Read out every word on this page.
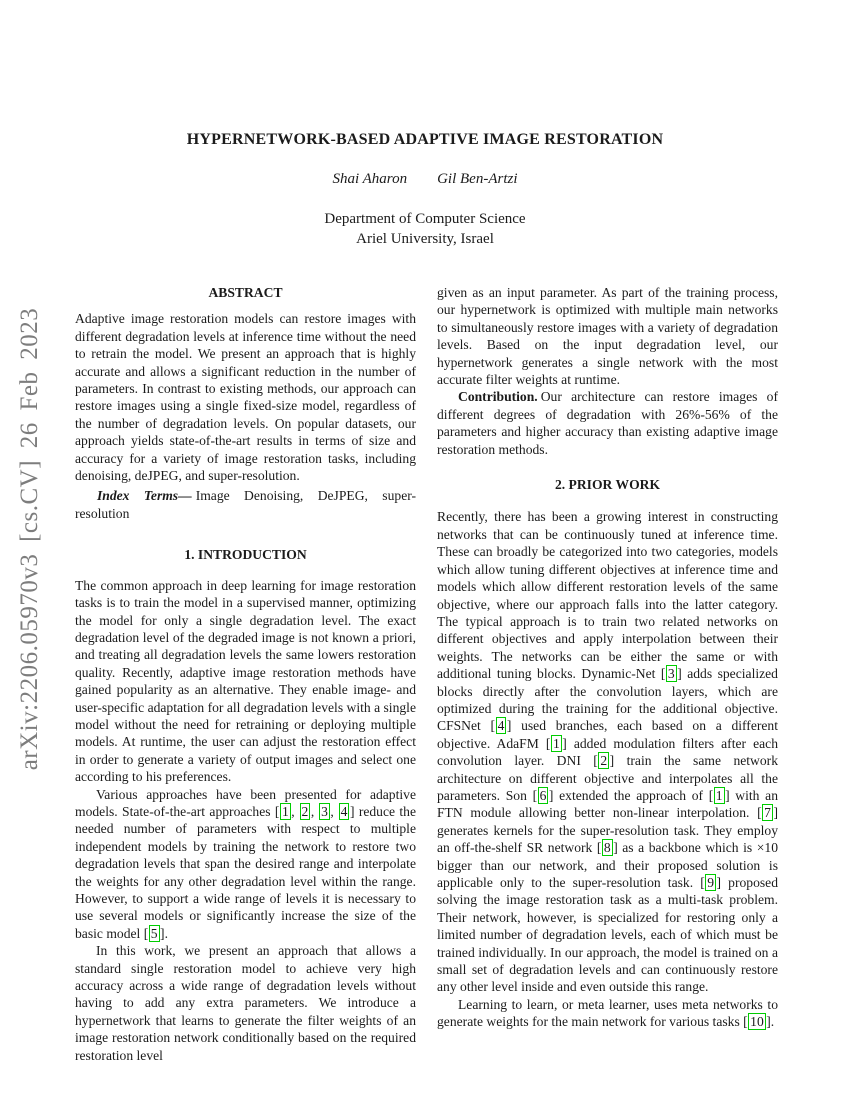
arXiv:2206.05970v3 [cs.CV] 26 Feb 2023
HYPERNETWORK-BASED ADAPTIVE IMAGE RESTORATION
Shai Aharon Gil Ben-Artzi
Department of Computer Science
Ariel University, Israel
ABSTRACT

Adaptive image restoration models can restore images with different degradation levels at inference time without the need to retrain the model. We present an approach that is highly accurate and allows a significant reduction in the number of parameters. In contrast to existing methods, our approach can restore images using a single fixed-size model, regardless of the number of degradation levels. On popular datasets, our approach yields state-of-the-art results in terms of size and accuracy for a variety of image restoration tasks, including denoising, deJPEG, and super-resolution.

Index Terms— Image Denoising, DeJPEG, super-resolution

1. INTRODUCTION

The common approach in deep learning for image restoration tasks is to train the model in a supervised manner, optimizing the model for only a single degradation level. The exact degradation level of the degraded image is not known a priori, and treating all degradation levels the same lowers restoration quality. Recently, adaptive image restoration methods have gained popularity as an alternative. They enable image- and user-specific adaptation for all degradation levels with a single model without the need for retraining or deploying multiple models. At runtime, the user can adjust the restoration effect in order to generate a variety of output images and select one according to his preferences.

Various approaches have been presented for adaptive models. State-of-the-art approaches [ 1 , 2 , 3 , 4 ] reduce the needed number of parameters with respect to multiple independent models by training the network to restore two degradation levels that span the desired range and interpolate the weights for any other degradation level within the range. However, to support a wide range of levels it is necessary to use several models or significantly increase the size of the basic model [ 5 ].

In this work, we present an approach that allows a standard single restoration model to achieve very high accuracy across a wide range of degradation levels without having to add any extra parameters. We introduce a hypernetwork that learns to generate the filter weights of an image restoration network conditionally based on the required restoration level

given as an input parameter. As part of the training process, our hypernetwork is optimized with multiple main networks to simultaneously restore images with a variety of degradation levels. Based on the input degradation level, our hypernetwork generates a single network with the most accurate filter weights at runtime.

Contribution. Our architecture can restore images of different degrees of degradation with 26%-56% of the parameters and higher accuracy than existing adaptive image restoration methods.

2. PRIOR WORK

Recently, there has been a growing interest in constructing networks that can be continuously tuned at inference time. These can broadly be categorized into two categories, models which allow tuning different objectives at inference time and models which allow different restoration levels of the same objective, where our approach falls into the latter category. The typical approach is to train two related networks on different objectives and apply interpolation between their weights. The networks can be either the same or with additional tuning blocks. Dynamic-Net [ 3 ] adds specialized blocks directly after the convolution layers, which are optimized during the training for the additional objective. CFSNet [ 4 ] used branches, each based on a different objective. AdaFM [ 1 ] added modulation filters after each convolution layer. DNI [ 2 ] train the same network architecture on different objective and interpolates all the parameters. Son [ 6 ] extended the approach of [ 1 ] with an FTN module allowing better non-linear interpolation. [ 7 ] generates kernels for the super-resolution task. They employ an off-the-shelf SR network [ 8 ] as a backbone which is ×10 bigger than our network, and their proposed solution is applicable only to the super-resolution task. [ 9 ] proposed solving the image restoration task as a multi-task problem. Their network, however, is specialized for restoring only a limited number of degradation levels, each of which must be trained individually. In our approach, the model is trained on a small set of degradation levels and can continuously restore any other level inside and even outside this range.

Learning to learn, or meta learner, uses meta networks to generate weights for the main network for various tasks [ 10 ].
